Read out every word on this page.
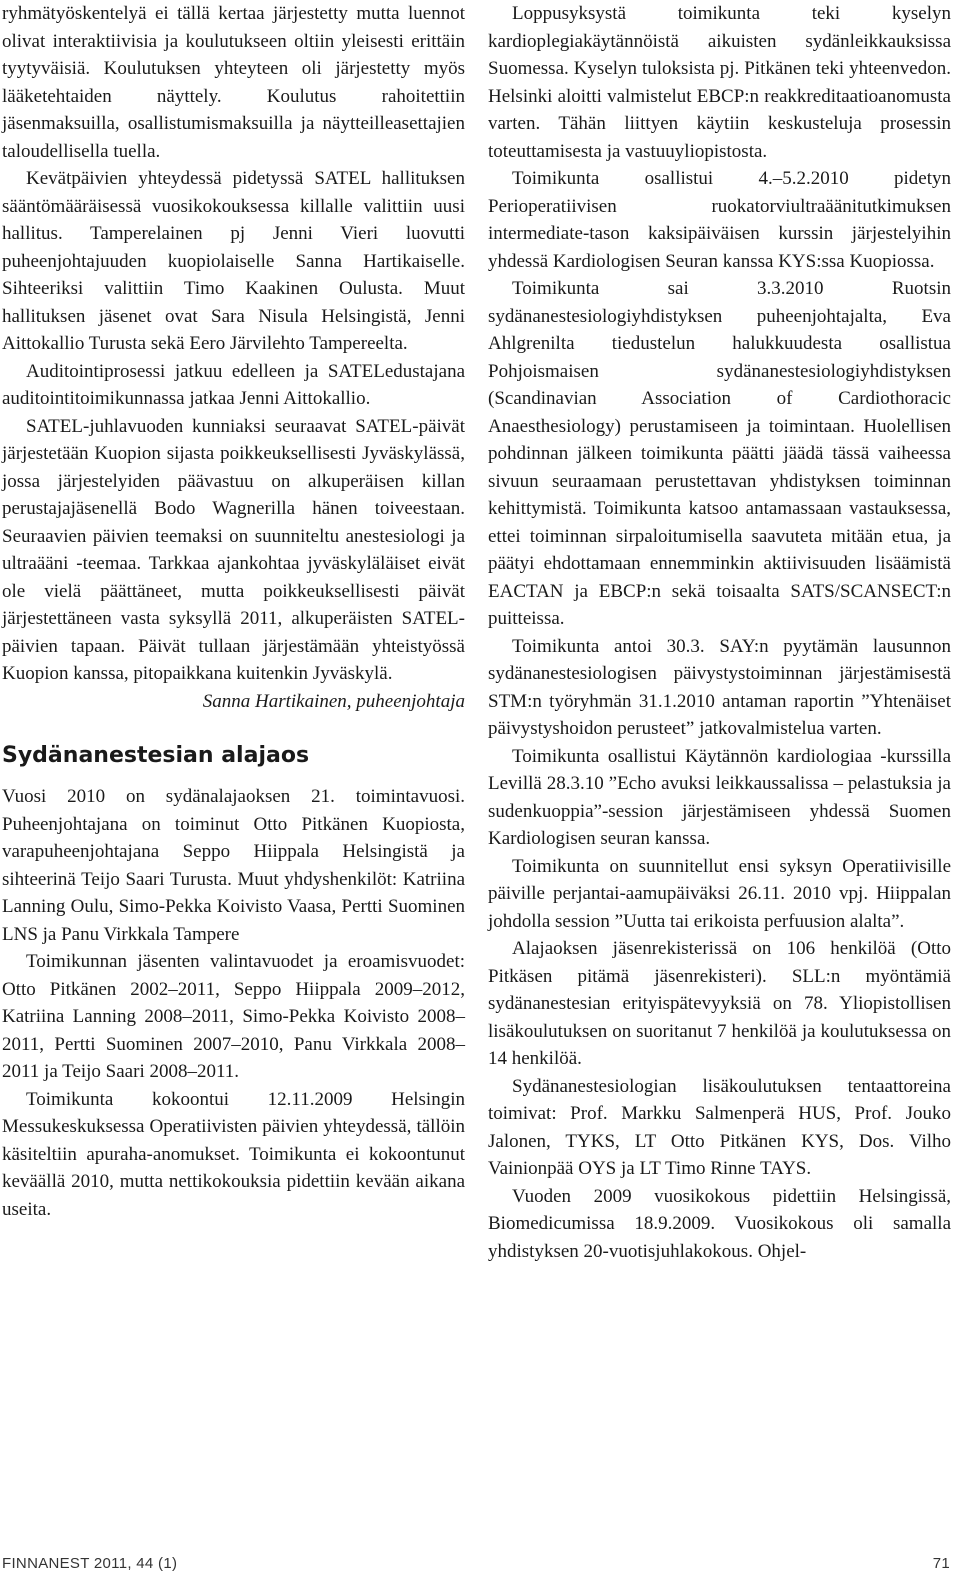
ryhmätyöskentelyä ei tällä kertaa järjestetty mutta luennot olivat interaktiivisia ja koulutukseen oltiin yleisesti erittäin tyytyväisiä. Koulutuksen yhteyteen oli järjestetty myös lääketehtaiden näyttely. Koulutus rahoitettiin jäsenmaksuilla, osallistumismaksuilla ja näytteilleasettajien taloudellisella tuella.

Kevätpäivien yhteydessä pidetyssä SATEL hallituksen sääntömääräisessä vuosikokouksessa killalle valittiin uusi hallitus. Tamperelainen pj Jenni Vieri luovutti puheenjohtajuuden kuopiolaiselle Sanna Hartikaiselle. Sihteeriksi valittiin Timo Kaakinen Oulusta. Muut hallituksen jäsenet ovat Sara Nisula Helsingistä, Jenni Aittokallio Turusta sekä Eero Järvilehto Tampereelta.

Auditointiprosessi jatkuu edelleen ja SATELedustajana auditointitoimikunnassa jatkaa Jenni Aittokallio.

SATEL-juhlavuoden kunniaksi seuraavat SATEL-päivät järjestetään Kuopion sijasta poikkeuksellisesti Jyväskylässä, jossa järjestelyiden päävastuu on alkuperäisen killan perustajajäsenellä Bodo Wagnerilla hänen toiveestaan. Seuraavien päivien teemaksi on suunniteltu anestesiologi ja ultraääni -teemaa. Tarkkaa ajankohtaa jyväskyläläiset eivät ole vielä päättäneet, mutta poikkeuksellisesti päivät järjestettäneen vasta syksyllä 2011, alkuperäisten SATEL-päivien tapaan. Päivät tullaan järjestämään yhteistyössä Kuopion kanssa, pitopaikkana kuitenkin Jyväskylä.

Sanna Hartikainen, puheenjohtaja

Sydänanestesian alajaos

Vuosi 2010 on sydänalajaoksen 21. toimintavuosi. Puheenjohtajana on toiminut Otto Pitkänen Kuopiosta, varapuheenjohtajana Seppo Hiippala Helsingistä ja sihteerinä Teijo Saari Turusta. Muut yhdyshenkilöt: Katriina Lanning Oulu, Simo-Pekka Koivisto Vaasa, Pertti Suominen LNS ja Panu Virkkala Tampere

Toimikunnan jäsenten valintavuodet ja eroamisvuodet: Otto Pitkänen 2002–2011, Seppo Hiippala 2009–2012, Katriina Lanning 2008–2011, Simo-Pekka Koivisto 2008–2011, Pertti Suominen 2007–2010, Panu Virkkala 2008–2011 ja Teijo Saari 2008–2011.

Toimikunta kokoontui 12.11.2009 Helsingin Messukeskuksessa Operatiivisten päivien yhteydessä, tällöin käsiteltiin apuraha-anomukset. Toimikunta ei kokoontunut keväällä 2010, mutta nettikokouksia pidettiin kevään aikana useita.

Loppusyksystä toimikunta teki kyselyn kardioplegiakäytännöistä aikuisten sydänleikkauksissa Suomessa. Kyselyn tuloksista pj. Pitkänen teki yhteenvedon. Helsinki aloitti valmistelut EBCP:n reakkreditaatioanomusta varten. Tähän liittyen käytiin keskusteluja prosessin toteuttamisesta ja vastuuyliopistosta.

Toimikunta osallistui 4.–5.2.2010 pidetyn Perioperatiivisen ruokatorviultraäänitutkimuksen intermediate-tason kaksipäiväisen kurssin järjestelyihin yhdessä Kardiologisen Seuran kanssa KYS:ssa Kuopiossa.

Toimikunta sai 3.3.2010 Ruotsin sydänanestesiologiyhdistyksen puheenjohtajalta, Eva Ahlgrenilta tiedustelun halukkuudesta osallistua Pohjoismaisen sydänanestesiologiyhdistyksen (Scandinavian Association of Cardiothoracic Anaesthesiology) perustamiseen ja toimintaan. Huolellisen pohdinnan jälkeen toimikunta päätti jäädä tässä vaiheessa sivuun seuraamaan perustettavan yhdistyksen toiminnan kehittymistä. Toimikunta katsoo antamassaan vastauksessa, ettei toiminnan sirpaloitumisella saavuteta mitään etua, ja päätyi ehdottamaan ennemminkin aktiivisuuden lisäämistä EACTAN ja EBCP:n sekä toisaalta SATS/SCANSECT:n puitteissa.

Toimikunta antoi 30.3. SAY:n pyytämän lausunnon sydänanestesiologisen päivystystoiminnan järjestämisestä STM:n työryhmän 31.1.2010 antaman raportin ”Yhtenäiset päivystyshoidon perusteet” jatkovalmistelua varten.

Toimikunta osallistui Käytännön kardiologiaa -kurssilla Levillä 28.3.10 ”Echo avuksi leikkaussalissa – pelastuksia ja sudenkuoppia”-session järjestämiseen yhdessä Suomen Kardiologisen seuran kanssa.

Toimikunta on suunnitellut ensi syksyn Operatiivisille päiville perjantai-aamupäiväksi 26.11. 2010 vpj. Hiippalan johdolla session ”Uutta tai erikoista perfuusion alalta”.

Alajaoksen jäsenrekisterissä on 106 henkilöä (Otto Pitkäsen pitämä jäsenrekisteri). SLL:n myöntämiä sydänanestesian erityispätevyyksiä on 78. Yliopistollisen lisäkoulutuksen on suoritanut 7 henkilöä ja koulutuksessa on 14 henkilöä.

Sydänanestesiologian lisäkoulutuksen tentaattoreina toimivat: Prof. Markku Salmenperä HUS, Prof. Jouko Jalonen, TYKS, LT Otto Pitkänen KYS, Dos. Vilho Vainionpää OYS ja LT Timo Rinne TAYS.

Vuoden 2009 vuosikokous pidettiin Helsingissä, Biomedicumissa 18.9.2009. Vuosikokous oli samalla yhdistyksen 20-vuotisjuhlakokous. Ohjel-

FINNANEST 2011, 44 (1)	71
